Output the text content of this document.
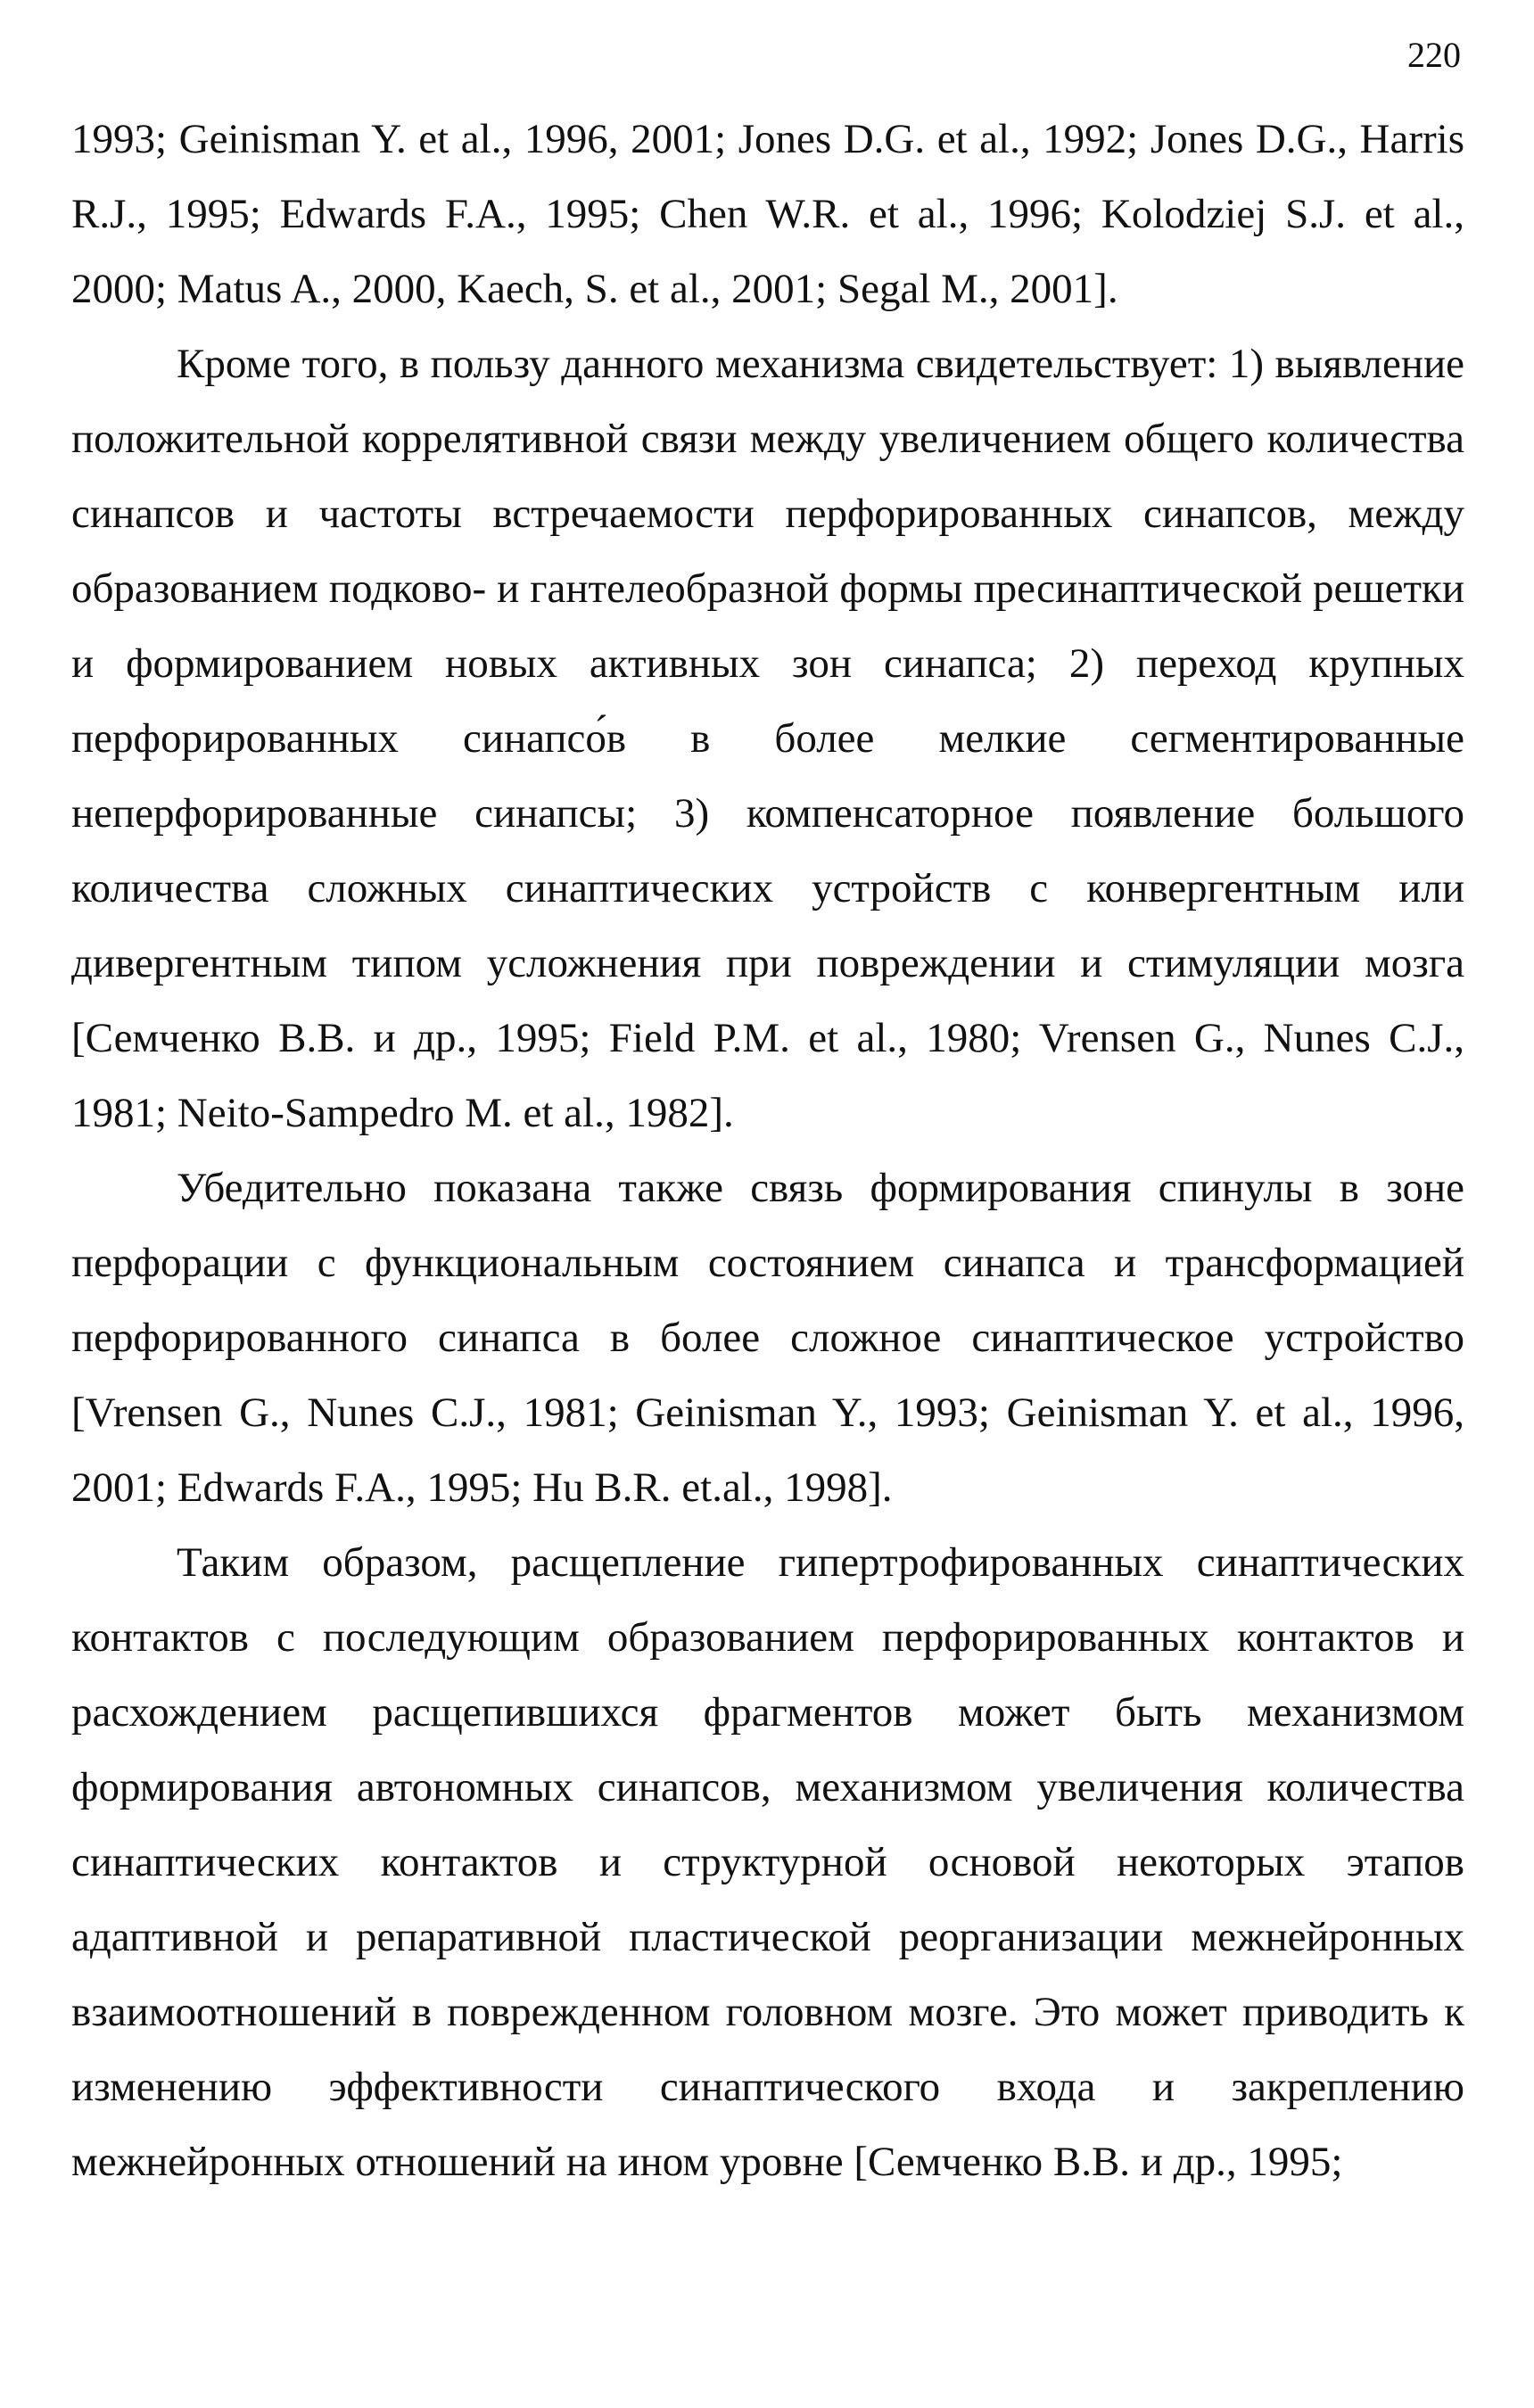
220

1993; Geinisman Y. et al., 1996, 2001; Jones D.G. et al., 1992; Jones D.G., Harris R.J., 1995; Edwards F.A., 1995; Chen W.R. et al., 1996; Kolodziej S.J. et al., 2000; Matus A., 2000, Kaech, S. et al., 2001; Segal M., 2001].

Кроме того, в пользу данного механизма свидетельствует: 1) выявление положительной коррелятивной связи между увеличением общего количества синапсов и частоты встречаемости перфорированных синапсов, между образованием подково- и гантелеобразной формы пресинаптической решетки и формированием новых активных зон синапса; 2) переход крупных перфорированных синапсо́в в более мелкие сегментированные неперфорированные синапсы; 3) компенсаторное появление большого количества сложных синаптических устройств с конвергентным или дивергентным типом усложнения при повреждении и стимуляции мозга [Семченко В.В. и др., 1995; Field P.M. et al., 1980; Vrensen G., Nunes C.J., 1981; Neito-Sampedro M. et al., 1982].

Убедительно показана также связь формирования спинулы в зоне перфорации с функциональным состоянием синапса и трансформацией перфорированного синапса в более сложное синаптическое устройство [Vrensen G., Nunes C.J., 1981; Geinisman Y., 1993; Geinisman Y. et al., 1996, 2001; Edwards F.A., 1995; Hu B.R. et.al., 1998].

Таким образом, расщепление гипертрофированных синаптических контактов с последующим образованием перфорированных контактов и расхождением расщепившихся фрагментов может быть механизмом формирования автономных синапсов, механизмом увеличения количества синаптических контактов и структурной основой некоторых этапов адаптивной и репаративной пластической реорганизации межнейронных взаимоотношений в поврежденном головном мозге. Это может приводить к изменению эффективности синаптического входа и закреплению межнейронных отношений на ином уровне [Семченко В.В. и др., 1995;
